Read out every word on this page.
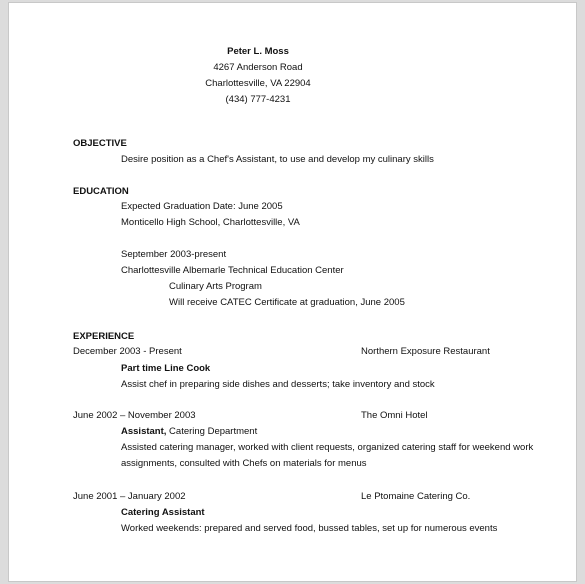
Peter L. Moss
4267 Anderson Road
Charlottesville, VA 22904
(434) 777-4231
OBJECTIVE
Desire position as a Chef's Assistant, to use and develop my culinary skills
EDUCATION
Expected Graduation Date: June 2005
Monticello High School, Charlottesville, VA
September 2003-present
Charlottesville Albemarle Technical Education Center
Culinary Arts Program
Will receive CATEC Certificate at graduation, June 2005
EXPERIENCE
December 2003 - Present	Northern Exposure Restaurant
Part time Line Cook
Assist chef in preparing side dishes and desserts; take inventory and stock
June 2002 – November 2003	The Omni Hotel
Assistant, Catering Department
Assisted catering manager, worked with client requests, organized catering staff for weekend work
assignments, consulted with Chefs on materials for menus
June 2001 – January 2002	Le Ptomaine Catering Co.
Catering Assistant
Worked weekends: prepared and served food, bussed tables, set up for numerous events
